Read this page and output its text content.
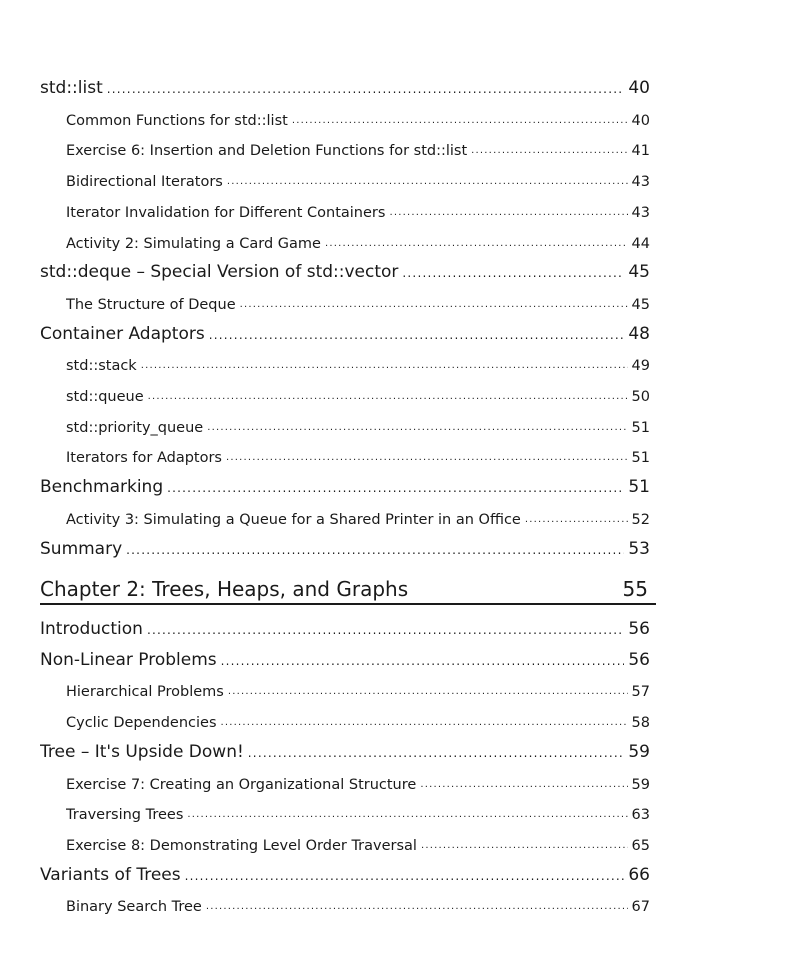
std::list .....	40
Common Functions for std::list .....	40
Exercise 6: Insertion and Deletion Functions for std::list .....	41
Bidirectional Iterators .....	43
Iterator Invalidation for Different Containers .....	43
Activity 2: Simulating a Card Game .....	44
std::deque – Special Version of std::vector .....	45
The Structure of Deque .....	45
Container Adaptors .....	48
std::stack .....	49
std::queue .....	50
std::priority_queue .....	51
Iterators for Adaptors .....	51
Benchmarking .....	51
Activity 3: Simulating a Queue for a Shared Printer in an Office .....	52
Summary .....	53
Chapter 2: Trees, Heaps, and Graphs	55
Introduction .....	56
Non-Linear Problems .....	56
Hierarchical Problems .....	57
Cyclic Dependencies .....	58
Tree – It's Upside Down! .....	59
Exercise 7: Creating an Organizational Structure .....	59
Traversing Trees .....	63
Exercise 8: Demonstrating Level Order Traversal .....	65
Variants of Trees .....	66
Binary Search Tree .....	67
